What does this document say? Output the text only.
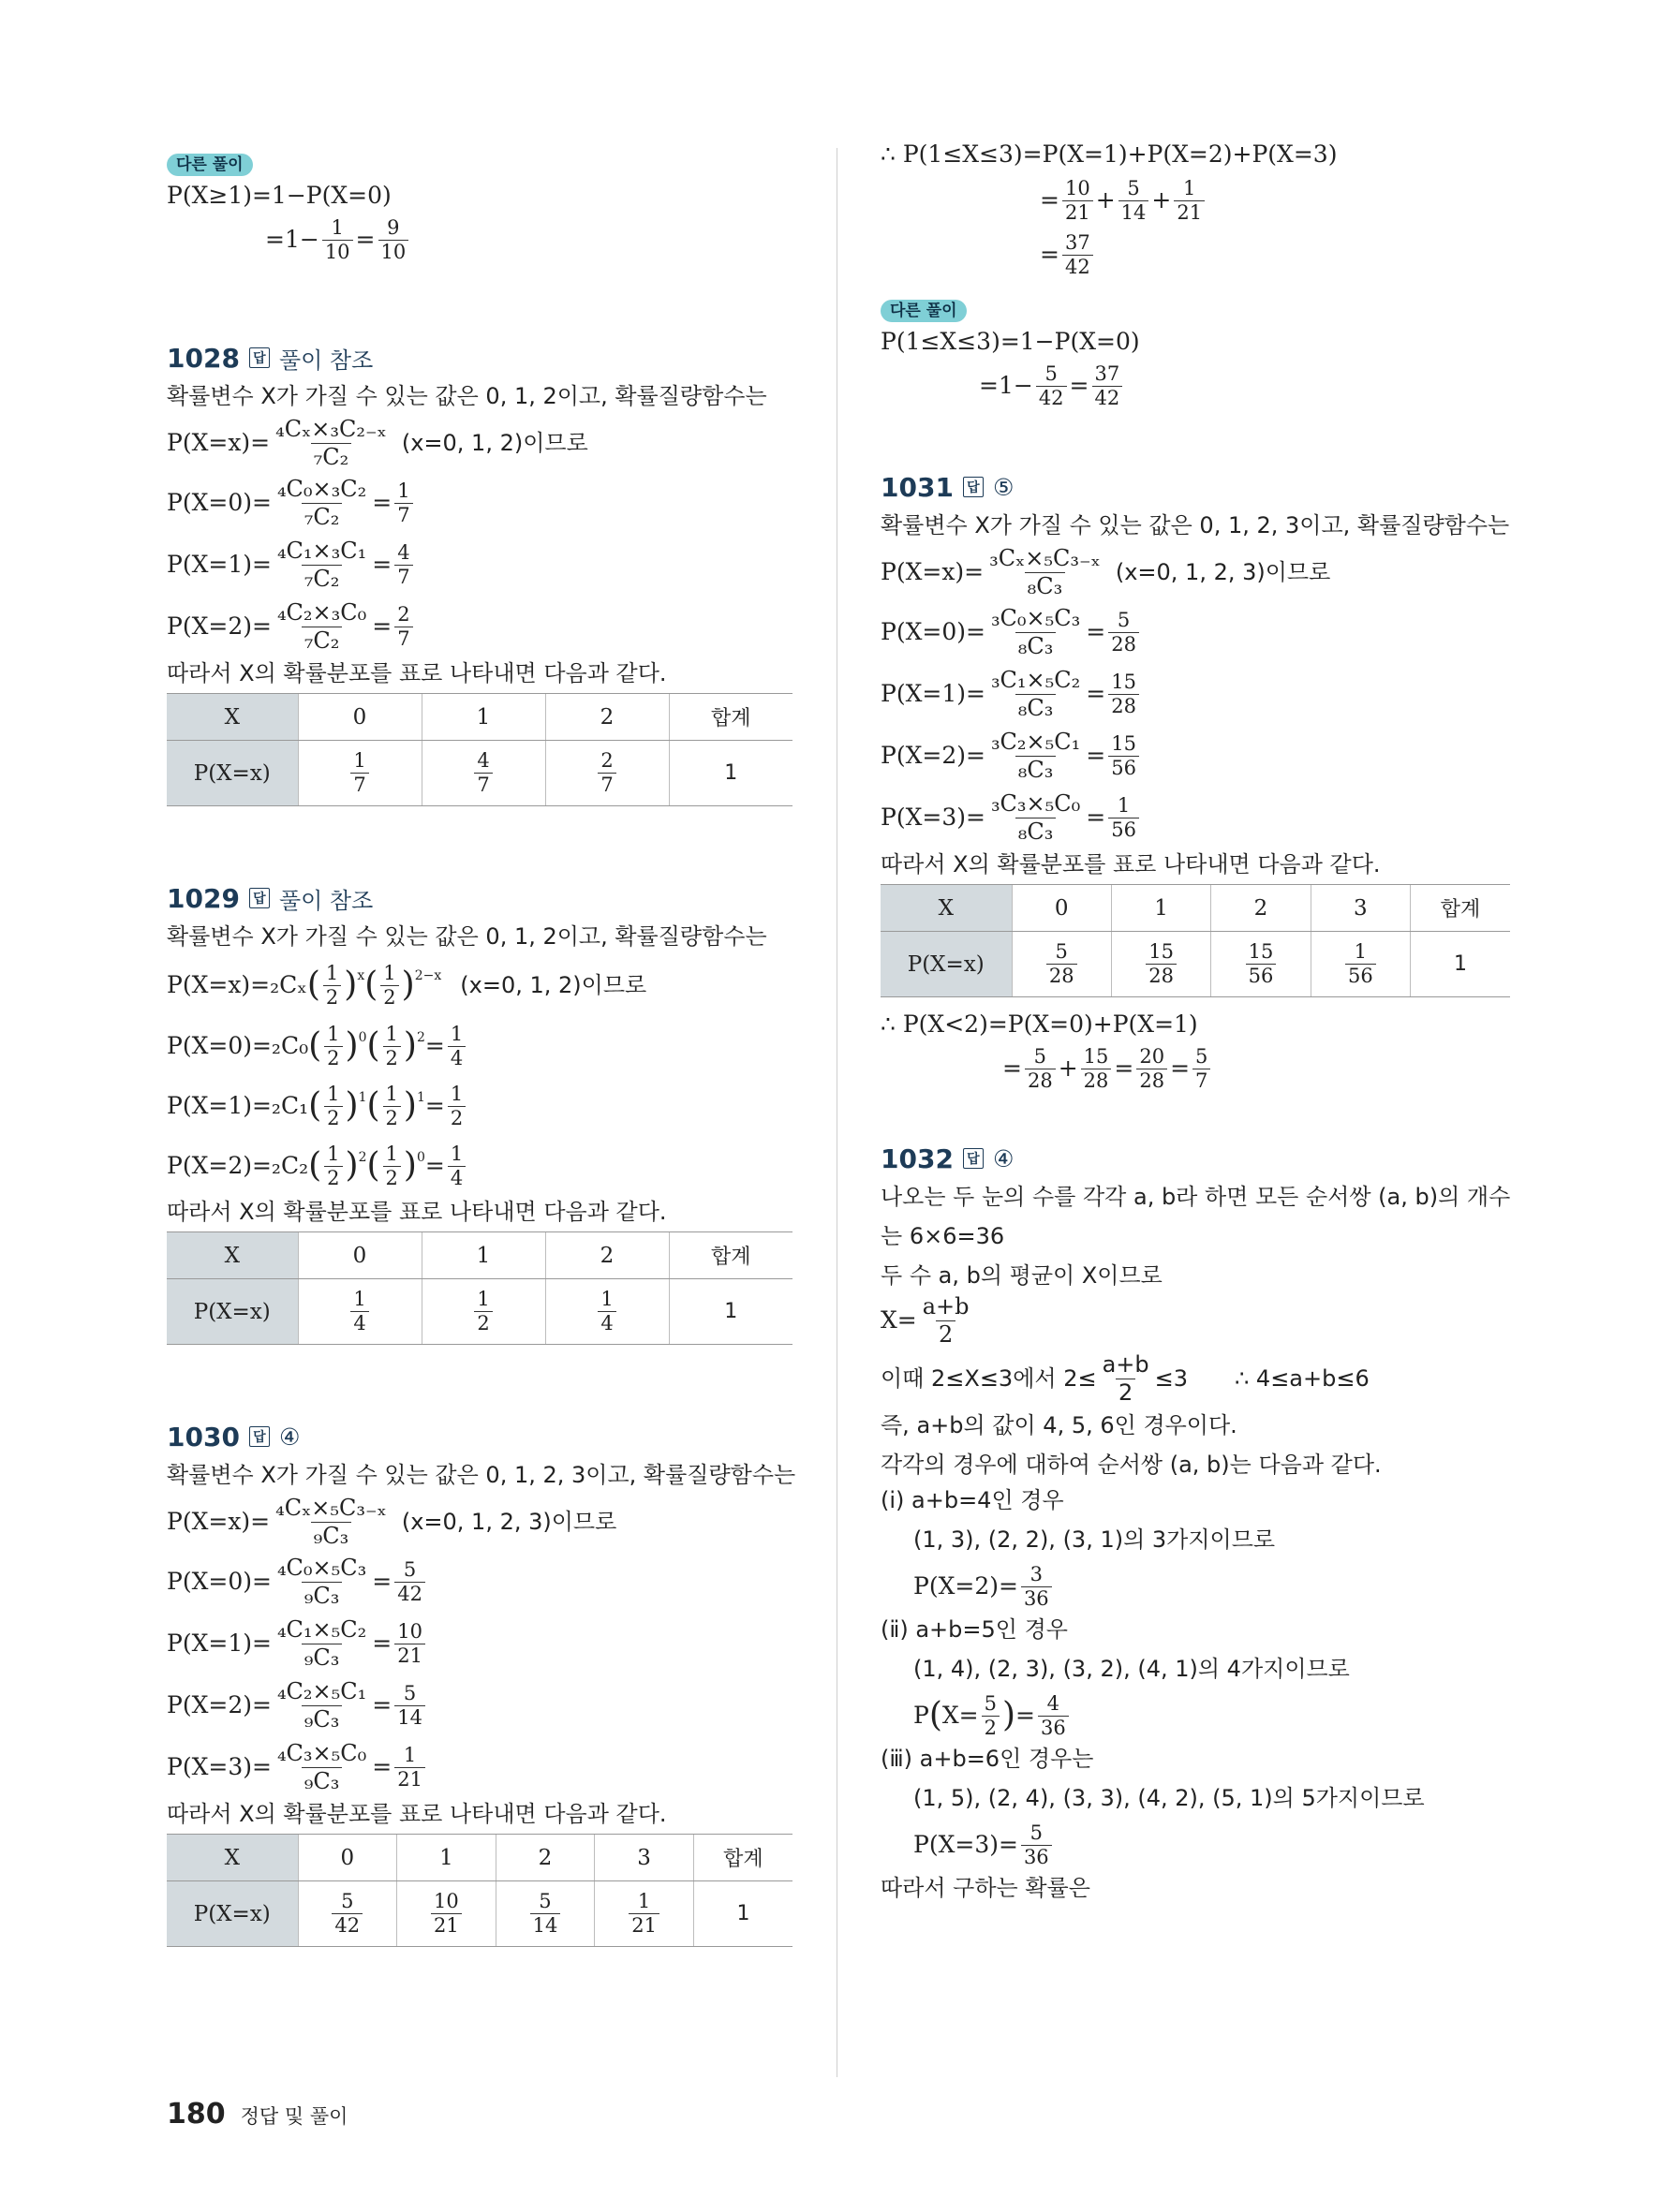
다른 풀이
P(X≥1)=1−P(X=0)
$=1- \frac{1}{10} = \frac{9}{10}$
1028	답 풀이 참조
확률변수 X가 가질 수 있는 값은 0, 1, 2이고, 확률질량함수는
$P(X=x)= \frac{\text{₄Cₓ×₃C₂₋ₓ}}{\text{₇C₂}} (x=0$, 1, 2)이므로
$P(X=0)= \frac{\text{₄C₀×₃C₂}}{\text{₇C₂}} = \frac{1}{7}$
$P(X=1)= \frac{\text{₄C₁×₃C₁}}{\text{₇C₂}} = \frac{4}{7}$
$P(X=2)= \frac{\text{₄C₂×₃C₀}}{\text{₇C₂}} = \frac{2}{7}$
따라서 X의 확률분포를 표로 나타내면 다음과 같다.
X	0	1	2	합계
P(X=x)	$\frac{1}{7}$	$\frac{4}{7}$	$\frac{2}{7}$	1
1029	답 풀이 참조
확률변수 X가 가질 수 있는 값은 0, 1, 2이고, 확률질량함수는
P(X=x)=₂Cₓ ( $\frac{1}{2} )^x$ ( $\frac{1}{2} )^{2-x}$ (x=0, 1, 2)이므로
P(X=0)=₂C₀ ( $\frac{1}{2} )^0$ ( $\frac{1}{2} )^2 = \frac{1}{4}$
P(X=1)=₂C₁ ( $\frac{1}{2} )^1$ ( $\frac{1}{2} )^1 = \frac{1}{2}$
P(X=2)=₂C₂ ( $\frac{1}{2} )^2$ ( $\frac{1}{2} )^0 = \frac{1}{4}$
따라서 X의 확률분포를 표로 나타내면 다음과 같다.
X	0	1	2	합계
P(X=x)	$\frac{1}{4}$	$\frac{1}{2}$	$\frac{1}{4}$	1
1030	답 ④
확률변수 X가 가질 수 있는 값은 0, 1, 2, 3이고, 확률질량함수는
$P(X=x)= \frac{\text{₄Cₓ×₅C₃₋ₓ}}{\text{₉C₃}} (x=0$, 1, 2, 3)이므로
$P(X=0)= \frac{\text{₄C₀×₅C₃}}{\text{₉C₃}} = \frac{5}{42}$
$P(X=1)= \frac{\text{₄C₁×₅C₂}}{\text{₉C₃}} = \frac{10}{21}$
$P(X=2)= \frac{\text{₄C₂×₅C₁}}{\text{₉C₃}} = \frac{5}{14}$
$P(X=3)= \frac{\text{₄C₃×₅C₀}}{\text{₉C₃}} = \frac{1}{21}$
따라서 X의 확률분포를 표로 나타내면 다음과 같다.
X	0	1	2	3	합계
P(X=x)	$\frac{5}{42}$	$\frac{10}{21}$	$\frac{5}{14}$	$\frac{1}{21}$	1
∴ P(1≤X≤3)=P(X=1)+P(X=2)+P(X=3)
= $\frac{10}{21} + \frac{5}{14} + \frac{1}{21}$
= $\frac{37}{42}$
다른 풀이
P(1≤X≤3)=1−P(X=0)
$=1- \frac{5}{42} = \frac{37}{42}$
1031	답 ⑤
확률변수 X가 가질 수 있는 값은 0, 1, 2, 3이고, 확률질량함수는
$P(X=x)= \frac{\text{₃Cₓ×₅C₃₋ₓ}}{\text{₈C₃}} (x=0$, 1, 2, 3)이므로
$P(X=0)= \frac{\text{₃C₀×₅C₃}}{\text{₈C₃}} = \frac{5}{28}$
$P(X=1)= \frac{\text{₃C₁×₅C₂}}{\text{₈C₃}} = \frac{15}{28}$
$P(X=2)= \frac{\text{₃C₂×₅C₁}}{\text{₈C₃}} = \frac{15}{56}$
$P(X=3)= \frac{\text{₃C₃×₅C₀}}{\text{₈C₃}} = \frac{1}{56}$
따라서 X의 확률분포를 표로 나타내면 다음과 같다.
X	0	1	2	3	합계
P(X=x)	$\frac{5}{28}$	$\frac{15}{28}$	$\frac{15}{56}$	$\frac{1}{56}$	1
∴ P(X<2)=P(X=0)+P(X=1)
= $\frac{5}{28} + \frac{15}{28} = \frac{20}{28} = \frac{5}{7}$
1032	답 ④
나오는 두 눈의 수를 각각 a, b라 하면 모든 순서쌍 (a, b)의 개수
는 6×6=36
두 수 a, b의 평균이 X이므로
$X= \frac{a+b}{2}$
이때 2≤X≤3에서 $2\le \frac{a+b}{2} \le 3$ ∴ 4≤a+b≤6
즉, a+b의 값이 4, 5, 6인 경우이다.
각각의 경우에 대하여 순서쌍 (a, b)는 다음과 같다.
(ⅰ) a+b=4인 경우
(1, 3), (2, 2), (3, 1)의 3가지이므로
$P(X=2)= \frac{3}{36}$
(ⅱ) a+b=5인 경우
(1, 4), (2, 3), (3, 2), (4, 1)의 4가지이므로
P ( $X= \frac{5}{2}$ ) = $\frac{4}{36}$
(ⅲ) a+b=6인 경우는
(1, 5), (2, 4), (3, 3), (4, 2), (5, 1)의 5가지이므로
$P(X=3)= \frac{5}{36}$
따라서 구하는 확률은
180 정답 및 풀이
